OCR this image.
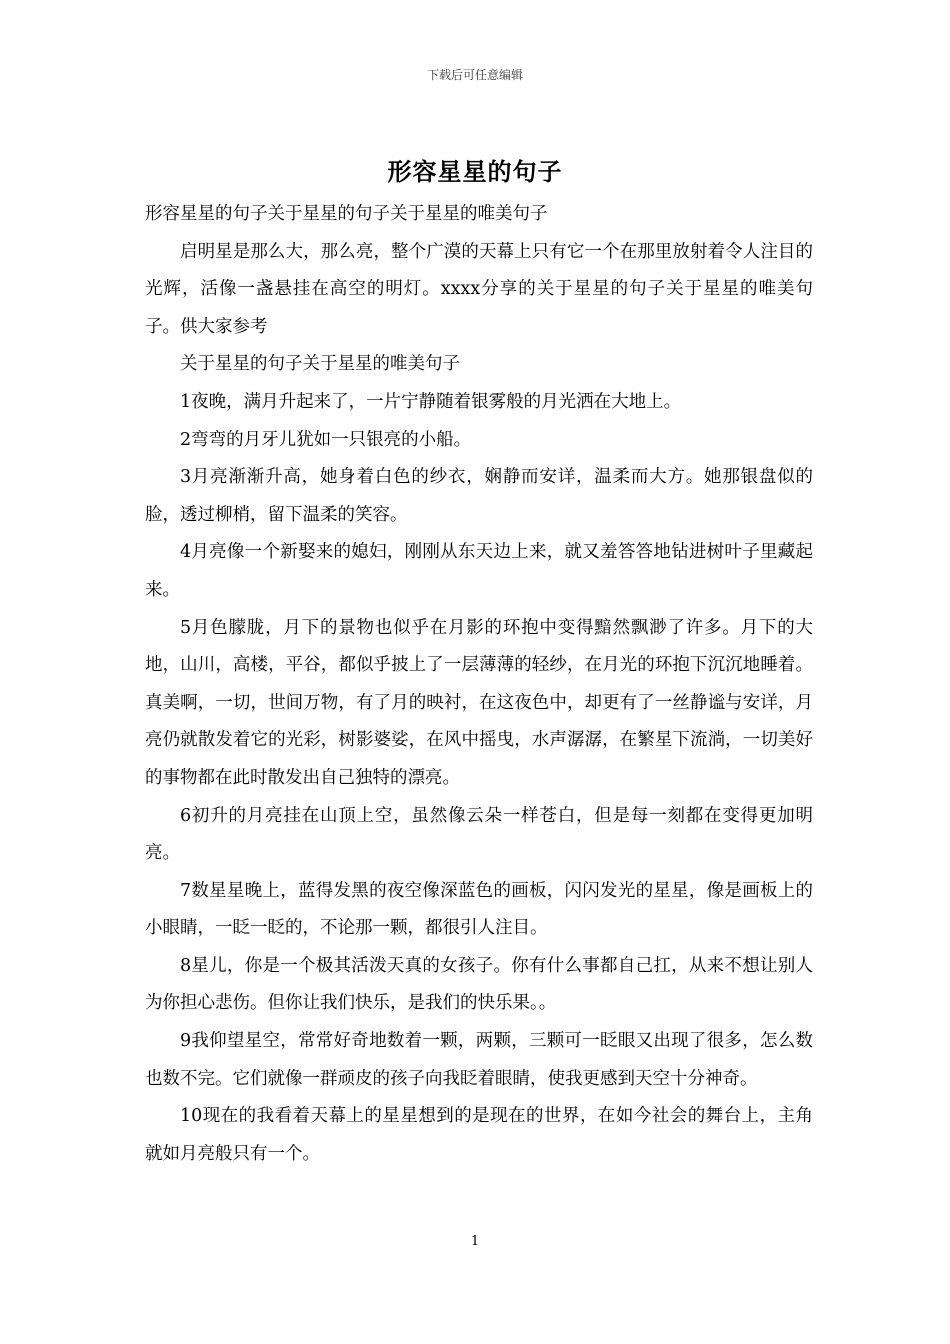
下载后可任意编辑
形容星星的句子

形容星星的句子关于星星的句子关于星星的唯美句子

启明星是那么大，那么亮，整个广漠的天幕上只有它一个在那里放射着令人注目的光辉，活像一盏悬挂在高空的明灯。xxxx分享的关于星星的句子关于星星的唯美句子。供大家参考

关于星星的句子关于星星的唯美句子

1夜晚，满月升起来了，一片宁静随着银雾般的月光洒在大地上。

2弯弯的月牙儿犹如一只银亮的小船。

3月亮渐渐升高，她身着白色的纱衣，娴静而安详，温柔而大方。她那银盘似的脸，透过柳梢，留下温柔的笑容。

4月亮像一个新娶来的媳妇，刚刚从东天边上来，就又羞答答地钻进树叶子里藏起来。

5月色朦胧，月下的景物也似乎在月影的环抱中变得黯然飘渺了许多。月下的大地，山川，高楼，平谷，都似乎披上了一层薄薄的轻纱，在月光的环抱下沉沉地睡着。真美啊，一切，世间万物，有了月的映衬，在这夜色中，却更有了一丝静谧与安详，月亮仍就散发着它的光彩，树影婆娑，在风中摇曳，水声潺潺，在繁星下流淌，一切美好的事物都在此时散发出自己独特的漂亮。

6初升的月亮挂在山顶上空，虽然像云朵一样苍白，但是每一刻都在变得更加明亮。

7数星星晚上，蓝得发黑的夜空像深蓝色的画板，闪闪发光的星星，像是画板上的小眼睛，一眨一眨的，不论那一颗，都很引人注目。

8星儿，你是一个极其活泼天真的女孩子。你有什么事都自己扛，从来不想让别人为你担心悲伤。但你让我们快乐，是我们的快乐果。。

9我仰望星空，常常好奇地数着一颗，两颗，三颗可一眨眼又出现了很多，怎么数也数不完。它们就像一群顽皮的孩子向我眨着眼睛，使我更感到天空十分神奇。

10现在的我看着天幕上的星星想到的是现在的世界，在如今社会的舞台上，主角就如月亮般只有一个。

1
